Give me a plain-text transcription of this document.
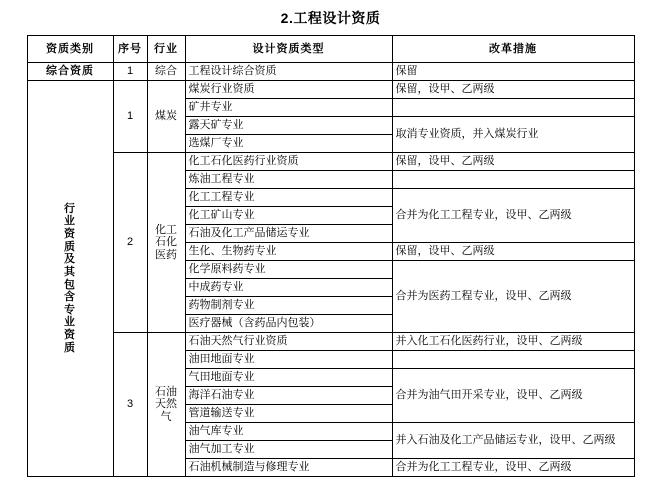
2.工程设计资质
资质类别	序号	行业	设计资质类型	改革措施
综合资质	1	综合	工程设计综合资质	保留

行
业
资
质
及
其
包
含
专
业
资
质
	1	煤炭	煤炭行业资质	保留，设甲、乙两级
			矿井专业	
			露天矿专业	取消专业资质，并入煤炭行业
			选煤厂专业	
	2	化工石化医药	化工石化医药行业资质	保留，设甲、乙两级
			炼油工程专业	
			化工工程专业	合并为化工工程专业，设甲、乙两级
			化工矿山专业	
			石油及化工产品储运专业	
			生化、生物药专业	保留，设甲、乙两级
			化学原料药专业	合并为医药工程专业，设甲、乙两级
			中成药专业	
			药物制剂专业	
			医疗器械（含药品内包装）	
	3	石油天然气	石油天然气行业资质	并入化工石化医药行业，设甲、乙两级
			油田地面专业	
			气田地面专业	合并为油气田开采专业，设甲、乙两级
			海洋石油专业	
			管道输送专业	
			油气库专业	并入石油及化工产品储运专业，设甲、乙两级
			油气加工专业	
			石油机械制造与修理专业	合并为化工工程专业，设甲、乙两级
